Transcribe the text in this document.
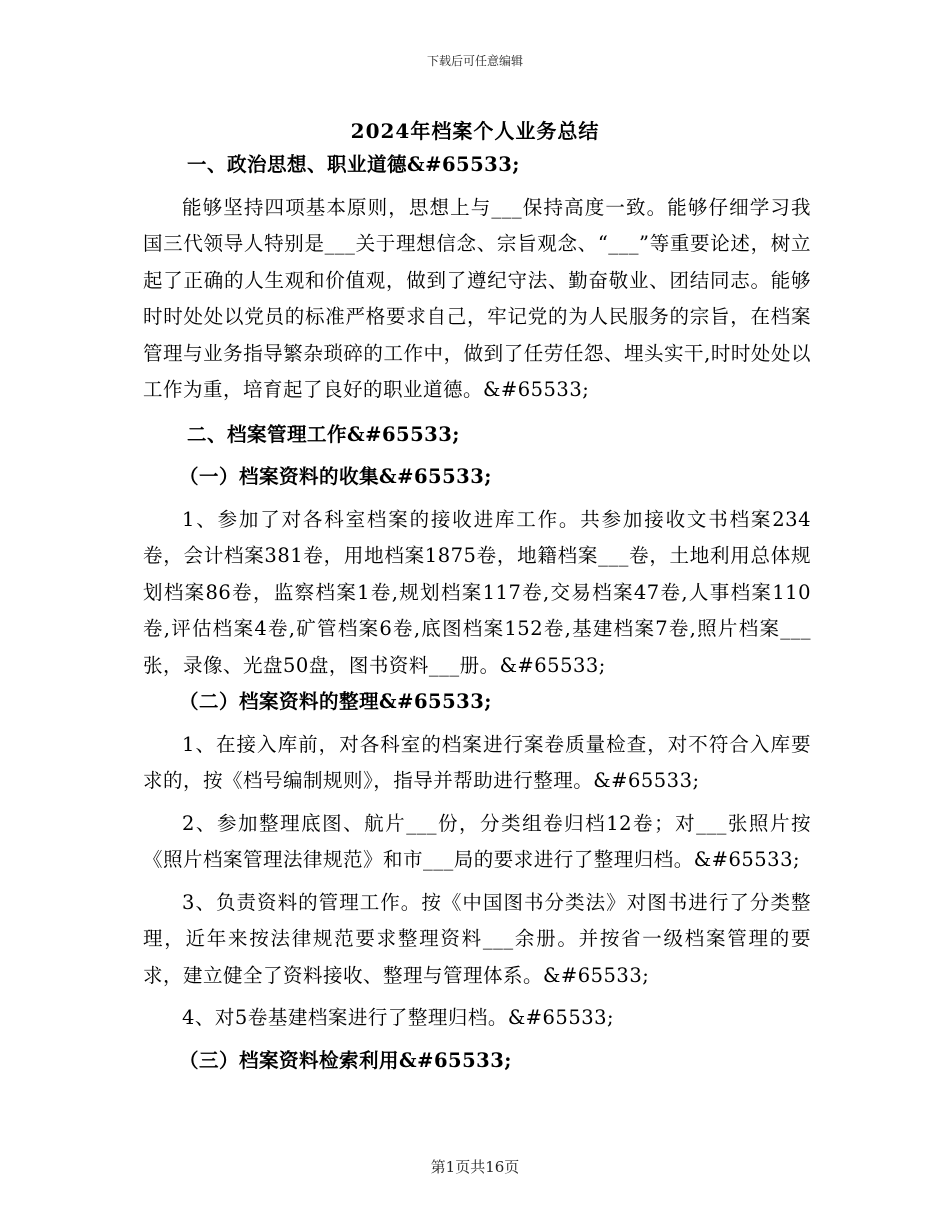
下载后可任意编辑
2024年档案个人业务总结

一、政治思想、职业道德&#65533;

能够坚持四项基本原则，思想上与___保持高度一致。能够仔细学习我国三代领导人特别是___关于理想信念、宗旨观念、“___”等重要论述，树立起了正确的人生观和价值观，做到了遵纪守法、勤奋敬业、团结同志。能够时时处处以党员的标准严格要求自己，牢记党的为人民服务的宗旨，在档案管理与业务指导繁杂琐碎的工作中，做到了任劳任怨、埋头实干,时时处处以工作为重，培育起了良好的职业道德。&#65533;

二、档案管理工作&#65533;

（一）档案资料的收集&#65533;

1、参加了对各科室档案的接收进库工作。共参加接收文书档案234卷，会计档案381卷，用地档案1875卷，地籍档案___卷，土地利用总体规划档案86卷，监察档案1卷,规划档案117卷,交易档案47卷,人事档案110卷,评估档案4卷,矿管档案6卷,底图档案152卷,基建档案7卷,照片档案___张，录像、光盘50盘，图书资料___册。&#65533;

（二）档案资料的整理&#65533;

1、在接入库前，对各科室的档案进行案卷质量检查，对不符合入库要求的，按《档号编制规则》，指导并帮助进行整理。&#65533;

2、参加整理底图、航片___份，分类组卷归档12卷；对___张照片按《照片档案管理法律规范》和市___局的要求进行了整理归档。&#65533;

3、负责资料的管理工作。按《中国图书分类法》对图书进行了分类整理，近年来按法律规范要求整理资料___余册。并按省一级档案管理的要求，建立健全了资料接收、整理与管理体系。&#65533;

4、对5卷基建档案进行了整理归档。&#65533;

（三）档案资料检索利用&#65533;

第1页共16页
